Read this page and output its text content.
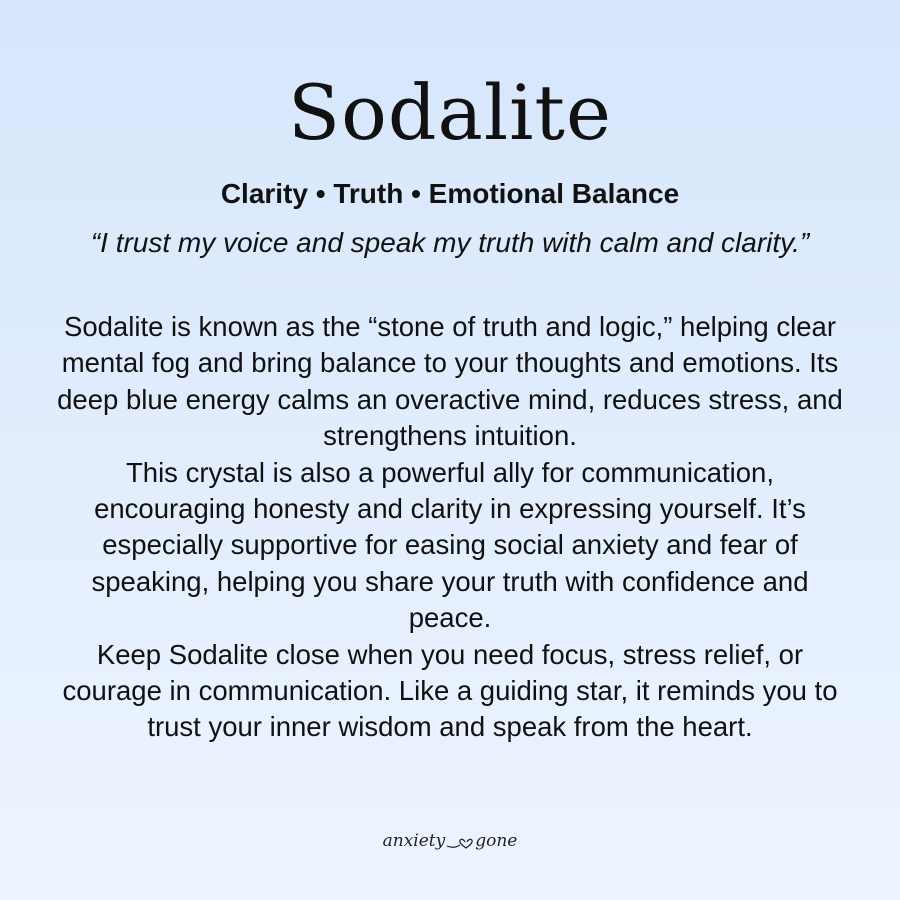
Sodalite
Clarity • Truth • Emotional Balance

“I trust my voice and speak my truth with calm and clarity.”

Sodalite is known as the “stone of truth and logic,” helping clear mental fog and bring balance to your thoughts and emotions. Its deep blue energy calms an overactive mind, reduces stress, and strengthens intuition.

This crystal is also a powerful ally for communication, encouraging honesty and clarity in expressing yourself. It’s especially supportive for easing social anxiety and fear of speaking, helping you share your truth with confidence and peace.

Keep Sodalite close when you need focus, stress relief, or courage in communication. Like a guiding star, it reminds you to trust your inner wisdom and speak from the heart.

anxiety gone
